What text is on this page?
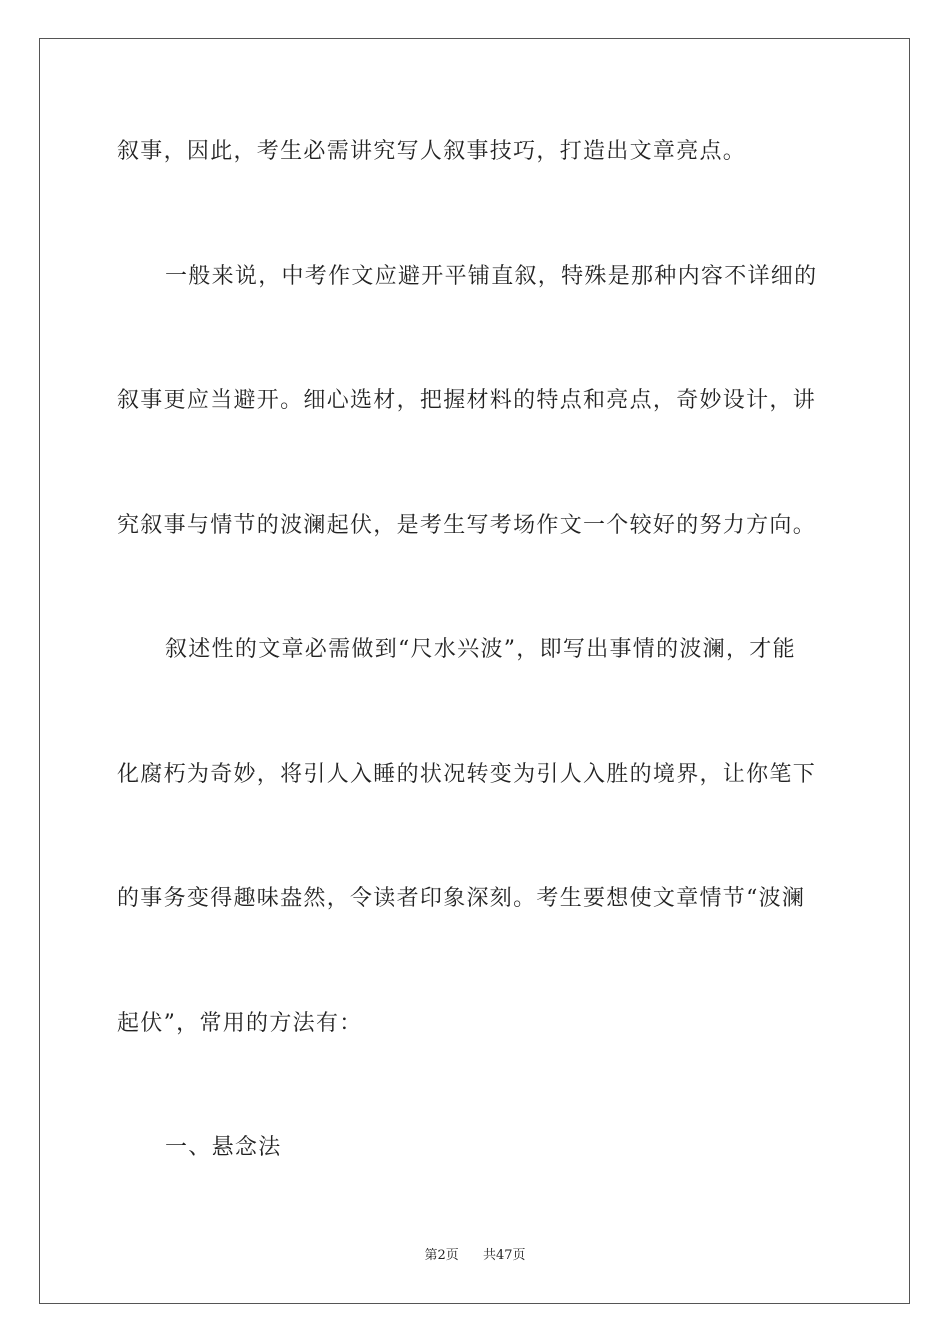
叙事，因此，考生必需讲究写人叙事技巧，打造出文章亮点。
一般来说，中考作文应避开平铺直叙，特殊是那种内容不详细的
叙事更应当避开。细心选材，把握材料的特点和亮点，奇妙设计，讲
究叙事与情节的波澜起伏，是考生写考场作文一个较好的努力方向。
叙述性的文章必需做到“尺水兴波”，即写出事情的波澜，才能
化腐朽为奇妙，将引人入睡的状况转变为引人入胜的境界，让你笔下
的事务变得趣味盎然，令读者印象深刻。考生要想使文章情节“波澜
起伏”，常用的方法有：
一、悬念法
第2页 共47页
